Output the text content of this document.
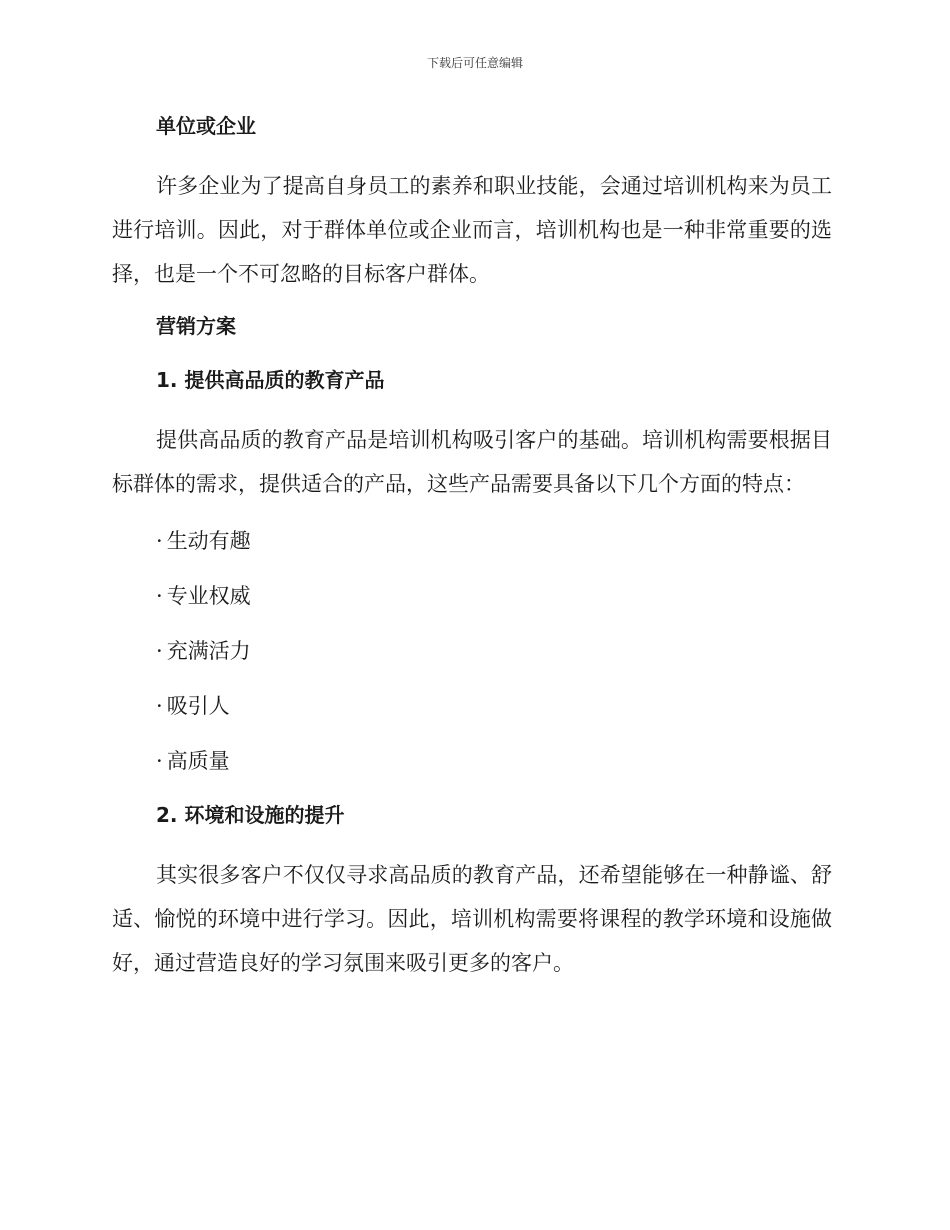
下载后可任意编辑
单位或企业

许多企业为了提高自身员工的素养和职业技能，会通过培训机构来为员工进行培训。因此，对于群体单位或企业而言，培训机构也是一种非常重要的选择，也是一个不可忽略的目标客户群体。

营销方案
1. 提供高品质的教育产品

提供高品质的教育产品是培训机构吸引客户的基础。培训机构需要根据目标群体的需求，提供适合的产品，这些产品需要具备以下几个方面的特点：

· 生动有趣
· 专业权威
· 充满活力
· 吸引人
· 高质量
2. 环境和设施的提升

其实很多客户不仅仅寻求高品质的教育产品，还希望能够在一种静谧、舒适、愉悦的环境中进行学习。因此，培训机构需要将课程的教学环境和设施做好，通过营造良好的学习氛围来吸引更多的客户。
